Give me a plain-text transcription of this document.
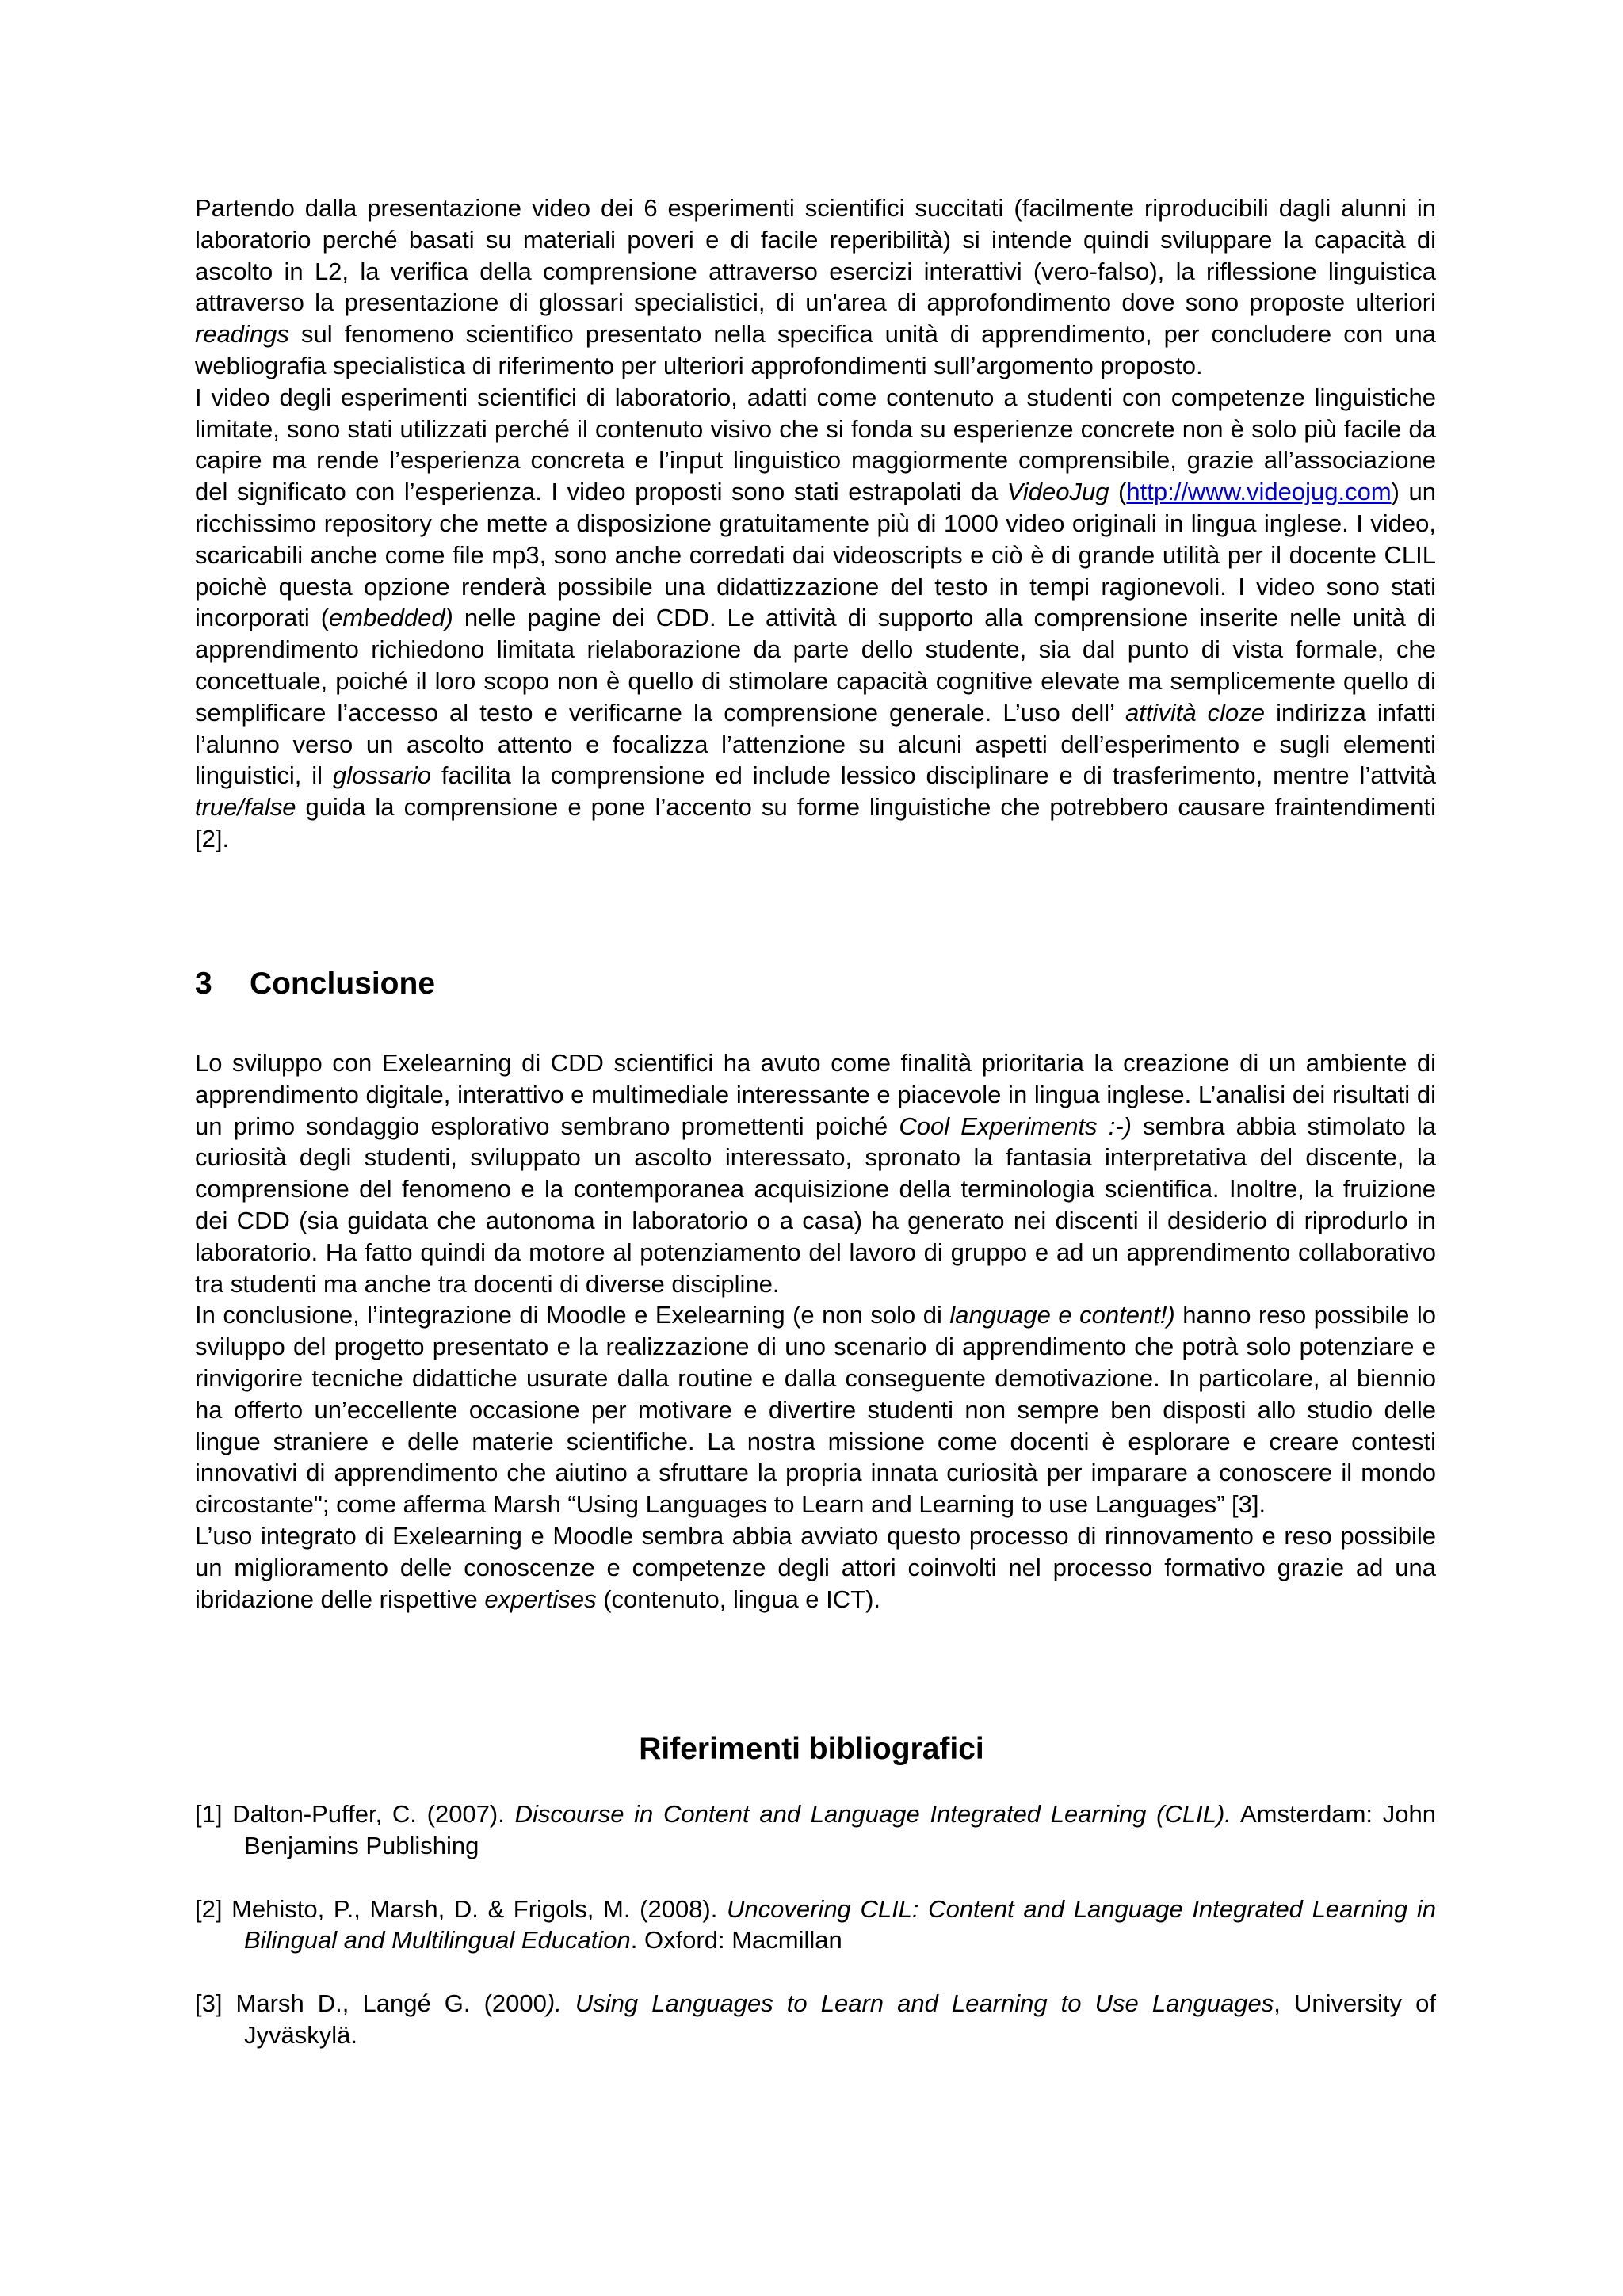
Partendo dalla presentazione video dei 6 esperimenti scientifici succitati (facilmente riproducibili dagli alunni in laboratorio perché basati su materiali poveri e di facile reperibilità) si intende quindi sviluppare la capacità di ascolto in L2, la verifica della comprensione attraverso esercizi interattivi (vero-falso), la riflessione linguistica attraverso la presentazione di glossari specialistici, di un'area di approfondimento dove sono proposte ulteriori readings sul fenomeno scientifico presentato nella specifica unità di apprendimento, per concludere con una webliografia specialistica di riferimento per ulteriori approfondimenti sull’argomento proposto.

I video degli esperimenti scientifici di laboratorio, adatti come contenuto a studenti con competenze linguistiche limitate, sono stati utilizzati perché il contenuto visivo che si fonda su esperienze concrete non è solo più facile da capire ma rende l’esperienza concreta e l’input linguistico maggiormente comprensibile, grazie all’associazione del significato con l’esperienza. I video proposti sono stati estrapolati da VideoJug (http://www.videojug.com) un ricchissimo repository che mette a disposizione gratuitamente più di 1000 video originali in lingua inglese. I video, scaricabili anche come file mp3, sono anche corredati dai videoscripts e ciò è di grande utilità per il docente CLIL poichè questa opzione renderà possibile una didattizzazione del testo in tempi ragionevoli. I video sono stati incorporati (embedded) nelle pagine dei CDD. Le attività di supporto alla comprensione inserite nelle unità di apprendimento richiedono limitata rielaborazione da parte dello studente, sia dal punto di vista formale, che concettuale, poiché il loro scopo non è quello di stimolare capacità cognitive elevate ma semplicemente quello di semplificare l’accesso al testo e verificarne la comprensione generale. L’uso dell’ attività cloze indirizza infatti l’alunno verso un ascolto attento e focalizza l’attenzione su alcuni aspetti dell’esperimento e sugli elementi linguistici, il glossario facilita la comprensione ed include lessico disciplinare e di trasferimento, mentre l’attvità true/false guida la comprensione e pone l’accento su forme linguistiche che potrebbero causare fraintendimenti [2].

3 Conclusione

Lo sviluppo con Exelearning di CDD scientifici ha avuto come finalità prioritaria la creazione di un ambiente di apprendimento digitale, interattivo e multimediale interessante e piacevole in lingua inglese. L’analisi dei risultati di un primo sondaggio esplorativo sembrano promettenti poiché Cool Experiments :-) sembra abbia stimolato la curiosità degli studenti, sviluppato un ascolto interessato, spronato la fantasia interpretativa del discente, la comprensione del fenomeno e la contemporanea acquisizione della terminologia scientifica. Inoltre, la fruizione dei CDD (sia guidata che autonoma in laboratorio o a casa) ha generato nei discenti il desiderio di riprodurlo in laboratorio. Ha fatto quindi da motore al potenziamento del lavoro di gruppo e ad un apprendimento collaborativo tra studenti ma anche tra docenti di diverse discipline.

In conclusione, l’integrazione di Moodle e Exelearning (e non solo di language e content!) hanno reso possibile lo sviluppo del progetto presentato e la realizzazione di uno scenario di apprendimento che potrà solo potenziare e rinvigorire tecniche didattiche usurate dalla routine e dalla conseguente demotivazione. In particolare, al biennio ha offerto un’eccellente occasione per motivare e divertire studenti non sempre ben disposti allo studio delle lingue straniere e delle materie scientifiche. La nostra missione come docenti è esplorare e creare contesti innovativi di apprendimento che aiutino a sfruttare la propria innata curiosità per imparare a conoscere il mondo circostante"; come afferma Marsh “Using Languages to Learn and Learning to use Languages” [3].

L’uso integrato di Exelearning e Moodle sembra abbia avviato questo processo di rinnovamento e reso possibile un miglioramento delle conoscenze e competenze degli attori coinvolti nel processo formativo grazie ad una ibridazione delle rispettive expertises (contenuto, lingua e ICT).

Riferimenti bibliografici

[1] Dalton-Puffer, C. (2007). Discourse in Content and Language Integrated Learning (CLIL). Amsterdam: John Benjamins Publishing

[2] Mehisto, P., Marsh, D. & Frigols, M. (2008). Uncovering CLIL: Content and Language Integrated Learning in Bilingual and Multilingual Education. Oxford: Macmillan

[3] Marsh D., Langé G. (2000). Using Languages to Learn and Learning to Use Languages, University of Jyväskylä.
